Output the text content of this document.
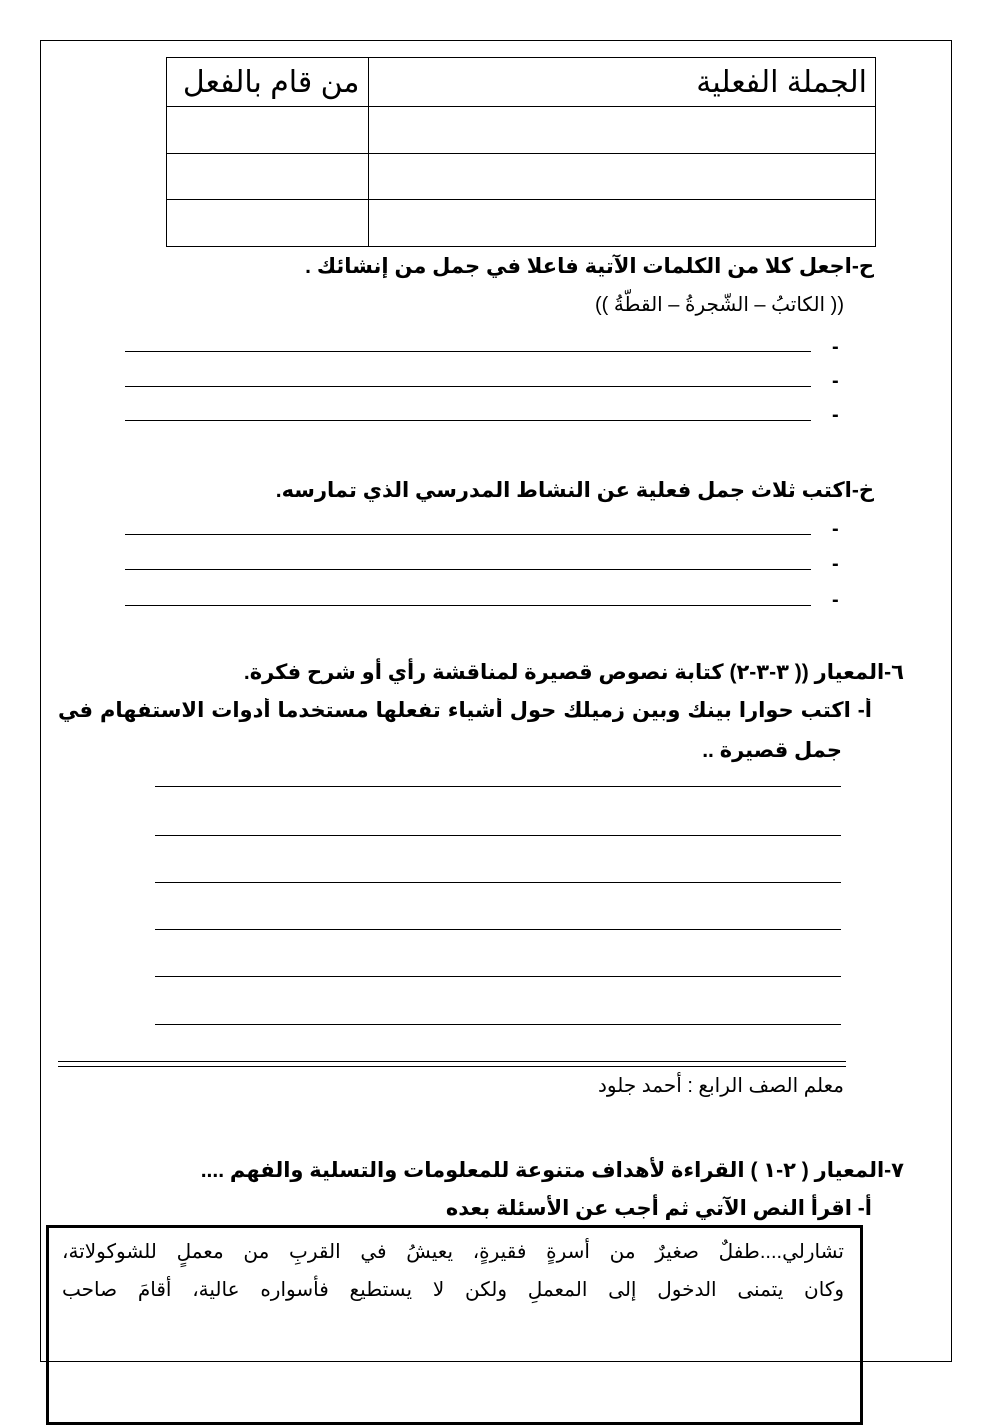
الجملة الفعلية	من قام بالفعل

ح-اجعل كلا من الكلمات الآتية فاعلا في جمل من إنشائك .
(( الكاتبُ – الشّجرةُ – القطّةُ ))
-
-
-
خ-اكتب ثلاث جمل فعلية عن النشاط المدرسي الذي تمارسه.
-
-
-
٦-المعيار (( ٣-٣-٢) كتابة نصوص قصيرة لمناقشة رأي أو شرح فكرة.
أ- اكتب حوارا بينك وبين زميلك حول أشياء تفعلها مستخدما أدوات الاستفهام في
جمل قصيرة ..
معلم الصف الرابع : أحمد جلود
٧-المعيار ( ٢-١ ) القراءة لأهداف متنوعة للمعلومات والتسلية والفهم ....
أ- اقرأ النص الآتي ثم أجب عن الأسئلة بعده
تشارلي....طفلٌ صغيرٌ من أسرةٍ فقيرةٍ، يعيشُ في القربِ من معملٍ للشوكولاتة،
وكان يتمنى الدخول إلى المعملِ ولكن لا يستطيع فأسواره عالية، أقامَ صاحب
